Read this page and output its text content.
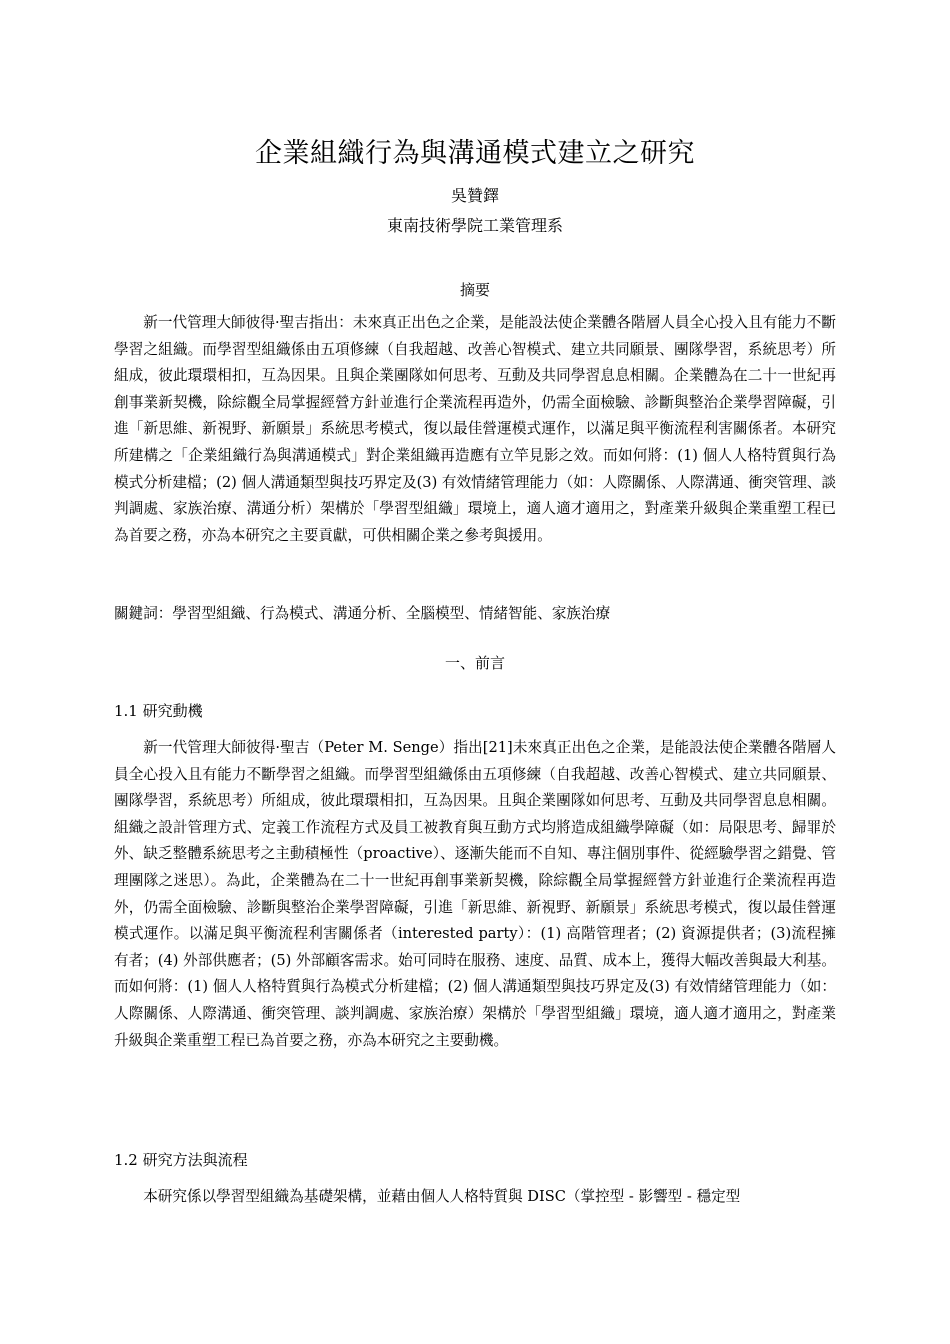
企業組織行為與溝通模式建立之研究
吳贊鐸
東南技術學院工業管理系
摘要

新一代管理大師彼得·聖吉指出：未來真正出色之企業，是能設法使企業體各階層人員全心投入且有能力不斷學習之組織。而學習型組織係由五項修練（自我超越、改善心智模式、建立共同願景、團隊學習，系統思考）所組成，彼此環環相扣，互為因果。且與企業團隊如何思考、互動及共同學習息息相關。企業體為在二十一世紀再創事業新契機，除綜觀全局掌握經營方針並進行企業流程再造外，仍需全面檢驗、診斷與整治企業學習障礙，引進「新思維、新視野、新願景」系統思考模式，復以最佳營運模式運作，以滿足與平衡流程利害關係者。本研究所建構之「企業組織行為與溝通模式」對企業組織再造應有立竿見影之效。而如何將：(1) 個人人格特質與行為模式分析建檔；(2) 個人溝通類型與技巧界定及(3) 有效情緒管理能力（如：人際關係、人際溝通、衝突管理、談判調處、家族治療、溝通分析）架構於「學習型組織」環境上，適人適才適用之，對產業升級與企業重塑工程已為首要之務，亦為本研究之主要貢獻，可供相關企業之參考與援用。

關鍵詞：學習型組織、行為模式、溝通分析、全腦模型、情緒智能、家族治療

一、前言
1.1 研究動機

新一代管理大師彼得·聖吉（Peter M. Senge）指出[21]未來真正出色之企業，是能設法使企業體各階層人員全心投入且有能力不斷學習之組織。而學習型組織係由五項修練（自我超越、改善心智模式、建立共同願景、團隊學習，系統思考）所組成，彼此環環相扣，互為因果。且與企業團隊如何思考、互動及共同學習息息相關。組織之設計管理方式、定義工作流程方式及員工被教育與互動方式均將造成組織學障礙（如：局限思考、歸罪於外、缺乏整體系統思考之主動積極性（proactive）、逐漸失能而不自知、專注個別事件、從經驗學習之錯覺、管理團隊之迷思）。為此，企業體為在二十一世紀再創事業新契機，除綜觀全局掌握經營方針並進行企業流程再造外，仍需全面檢驗、診斷與整治企業學習障礙，引進「新思維、新視野、新願景」系統思考模式，復以最佳營運模式運作。以滿足與平衡流程利害關係者（interested party）：(1) 高階管理者；(2) 資源提供者；(3)流程擁有者；(4) 外部供應者；(5) 外部顧客需求。始可同時在服務、速度、品質、成本上，獲得大幅改善與最大利基。而如何將：(1) 個人人格特質與行為模式分析建檔；(2) 個人溝通類型與技巧界定及(3) 有效情緒管理能力（如：人際關係、人際溝通、衝突管理、談判調處、家族治療）架構於「學習型組織」環境，適人適才適用之，對產業升級與企業重塑工程已為首要之務，亦為本研究之主要動機。

1.2 研究方法與流程

本研究係以學習型組織為基礎架構，並藉由個人人格特質與 DISC（掌控型 - 影響型 - 穩定型
